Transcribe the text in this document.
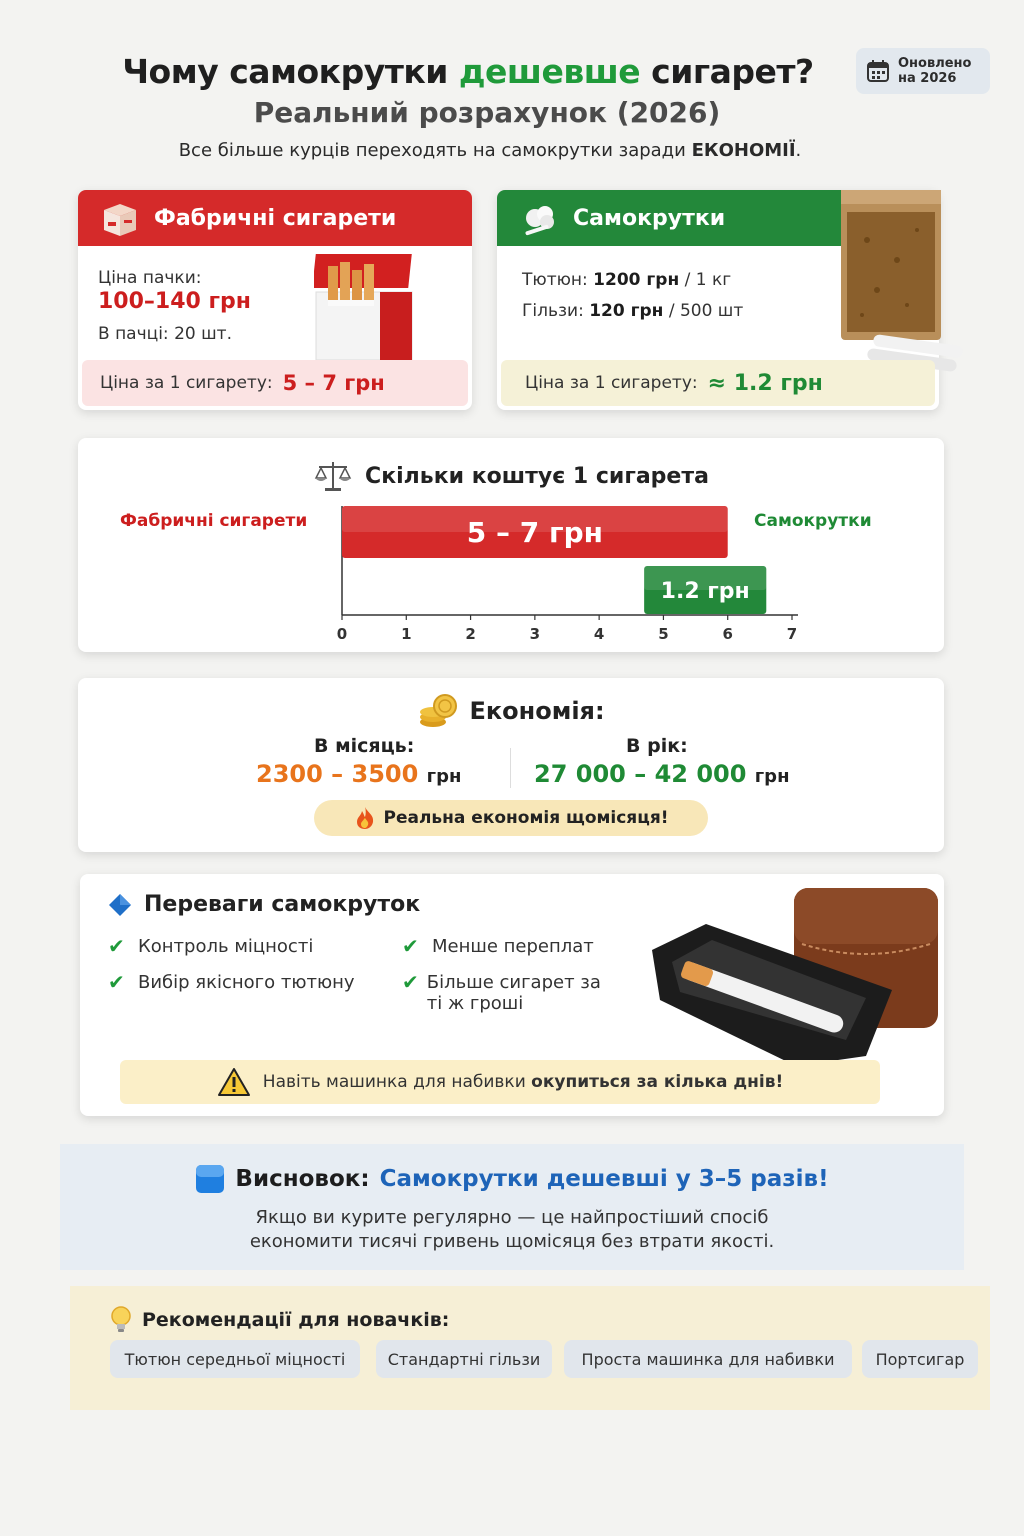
Чому самокрутки дешевше сигарет?
Реальний розрахунок (2026)
Все більше курців переходять на самокрутки заради ЕКОНОМІЇ.
Оновлено
на 2026
Фабричні сигарети
Ціна пачки:
100–140 грн
В пачці: 20 шт.
Ціна за 1 сигарету: 5 – 7 грн
Самокрутки
Тютюн: 1200 грн / 1 кг
Гільзи: 120 грн / 500 шт
Ціна за 1 сигарету: ≈ 1.2 грн
Скільки коштує 1 сигарета
Фабричні сигарети	Самокрутки
5 – 7 грн
1.2 грн
0	1	2	3	4	5	6	7
Економія:
В місяць:
2300 – 3500 грн
В рік:
27 000 – 42 000 грн
Реальна економія щомісяця!
Переваги самокруток
✔ Контроль міцності
✔ Вибір якісного тютюну
✔ Менше переплат
✔ Більше сигарет за ті ж гроші
Навіть машинка для набивки окупиться за кілька днів!
Висновок: Самокрутки дешевші у 3–5 разів!
Якщо ви курите регулярно — це найпростіший спосіб
економити тисячі гривень щомісяця без втрати якості.
Рекомендації для новачків:
Тютюн середньої міцності	Стандартні гільзи	Проста машинка для набивки	Портсигар
